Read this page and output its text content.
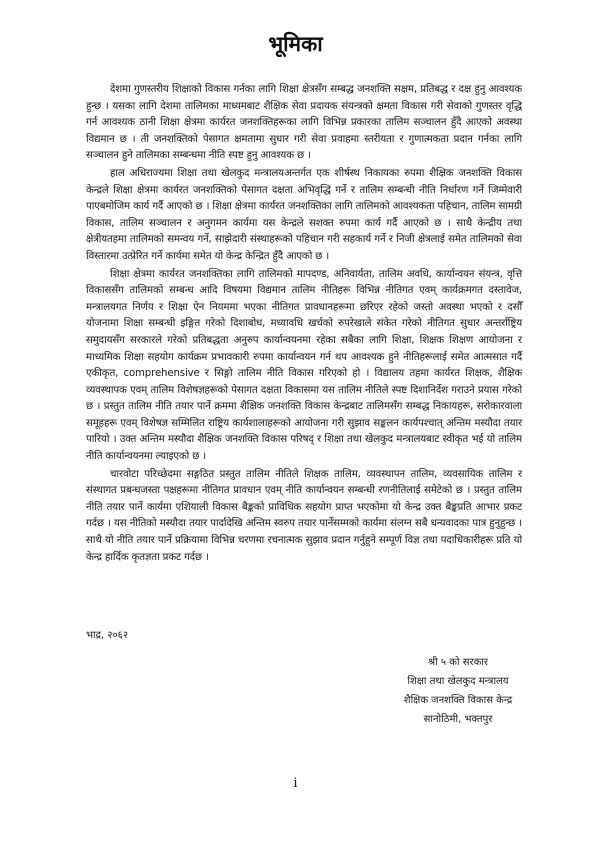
भूमिका

देशमा गुणस्तरीय शिक्षाको विकास गर्नका लागि शिक्षा क्षेत्रसँग सम्बद्ध जनशक्ति सक्षम, प्रतिबद्ध र दक्ष हुनु आवश्यक हुन्छ । यसका लागि देशमा तालिमका माध्यमबाट शैक्षिक सेवा प्रदायक संयन्त्रको क्षमता विकास गरी सेवाको गुणस्तर वृद्धि गर्न आवश्यक ठानी शिक्षा क्षेत्रमा कार्यरत जनशक्तिहरूका लागि विभिन्न प्रकारका तालिम सञ्चालन हुँदै आएको अवस्था विद्यमान छ । ती जनशक्तिको पेसागत क्षमतामा सुधार गरी सेवा प्रवाहमा स्तरीयता र गुणात्मकता प्रदान गर्नका लागि सञ्चालन हुने तालिमका सम्बन्धमा नीति स्पष्ट हुनु आवश्यक छ ।

हाल अधिराज्यमा शिक्षा तथा खेलकुद मन्त्रालयअन्तर्गत एक शीर्षस्थ निकायका रुपमा शैक्षिक जनशक्ति विकास केन्द्रले शिक्षा क्षेत्रमा कार्यरत जनशक्तिको पेसागत दक्षता अभिवृद्धि गर्ने र तालिम सम्बन्धी नीति निर्धारण गर्ने जिम्मेवारी पाएबमोजिम कार्य गर्दै आएको छ । शिक्षा क्षेत्रमा कार्यरत जनशक्तिका लागि तालिमको आवश्यकता पहिचान, तालिम सामग्री विकास, तालिम सञ्चालन र अनुगमन कार्यमा यस केन्द्रले सशक्त रुपमा कार्य गर्दै आएको छ । साथै केन्द्रीय तथा क्षेत्रीयतहमा तालिमको समन्वय गर्ने, साझेदारी संस्थाहरूको पहिचान गरी सहकार्य गर्ने र निजी क्षेत्रलाई समेत तालिमको सेवा विस्तारमा उत्प्रेरित गर्ने कार्यमा समेत यो केन्द्र केन्द्रित हुँदै आएको छ ।

शिक्षा क्षेत्रमा कार्यरत जनशक्तिका लागि तालिमको मापदण्ड, अनिवार्यता, तालिम अवधि, कार्यान्वयन संयन्त्र, वृत्ति विकाससँग तालिमको सम्बन्ध आदि विषयमा विद्यमान तालिम नीतिहरू विभिन्न नीतिगत एवम् कार्यक्रमगत दस्तावेज, मन्त्रालयगत निर्णय र शिक्षा ऐन नियममा भएका नीतिगत प्रावधानहरूमा छरिएर रहेको जस्तो अवस्था भएको र दसौँ योजनामा शिक्षा सम्बन्धी इङ्गित गरेको दिशाबोध, मध्यावधि खर्चको रुपरेखाले संकेत गरेको नीतिगत सुधार अन्तर्राष्ट्रिय समुदायसँग सरकारले गरेको प्रतिबद्धता अनुरुप कार्यान्वयनमा रहेका सबैका लागि शिक्षा, शिक्षक शिक्षण आयोजना र माध्यमिक शिक्षा सहयोग कार्यक्रम प्रभावकारी रुपमा कार्यान्वयन गर्न थप आवश्यक हुने नीतिहरूलाई समेत आत्मसात गर्दै एकीकृत, comprehensive र सिङ्गो तालिम नीति विकास गरिएको हो । विद्यालय तहमा कार्यरत शिक्षक, शैक्षिक व्यवस्थापक एवम् तालिम विशेषज्ञहरूको पेसागत दक्षता विकासमा यस तालिम नीतिले स्पष्ट दिशानिर्देश गराउने प्रयास गरेको छ । प्रस्तुत तालिम नीति तयार पार्ने क्रममा शैक्षिक जनशक्ति विकास केन्द्रबाट तालिमसँग सम्बद्ध निकायहरू, सरोकारवाला समूहहरू एवम् विशेषज्ञ सम्मिलित राष्ट्रिय कार्यशालाहरूको आयोजना गरी सुझाव सङ्कलन कार्यपश्चात् अन्तिम मस्यौदा तयार पारियो । उक्त अन्तिम मस्यौदा शैक्षिक जनशक्ति विकास परिषद् र शिक्षा तथा खेलकुद मन्त्रालयबाट स्वीकृत भई यो तालिम नीति कार्यान्वयनमा ल्याइएको छ ।

चारवोटा परिच्छेदमा सङ्गठित प्रस्तुत तालिम नीतिले शिक्षक तालिम, व्यवस्थापन तालिम, व्यवसायिक तालिम र संस्थागत प्रबन्धजस्ता पक्षहरूमा नीतिगत प्रावधान एवम् नीति कार्यान्वयन सम्बन्धी रणनीतिलाई समेटेको छ । प्रस्तुत तालिम नीति तयार पार्ने कार्यमा एशियाली विकास बैङ्कको प्राविधिक सहयोग प्राप्त भएकोमा यो केन्द्र उक्त बैङ्कप्रति आभार प्रकट गर्दछ । यस नीतिको मस्यौदा तयार पार्दादेखि अन्तिम स्वरुप तयार पार्नेसम्मको कार्यमा संलग्न सबै धन्यवादका पात्र हुनुहुन्छ । साथै यो नीति तयार पार्ने प्रक्रियामा विभिन्न चरणमा रचनात्मक सुझाव प्रदान गर्नुहुने सम्पूर्ण विज्ञ तथा पदाधिकारीहरू प्रति यो केन्द्र हार्दिक कृतज्ञता प्रकट गर्दछ ।

भाद्र, २०६२
श्री ५ को सरकार
शिक्षा तथा खेलकुद मन्त्रालय
शैक्षिक जनशक्ति विकास केन्द्र
सानोठिमी, भक्तपुर
i
